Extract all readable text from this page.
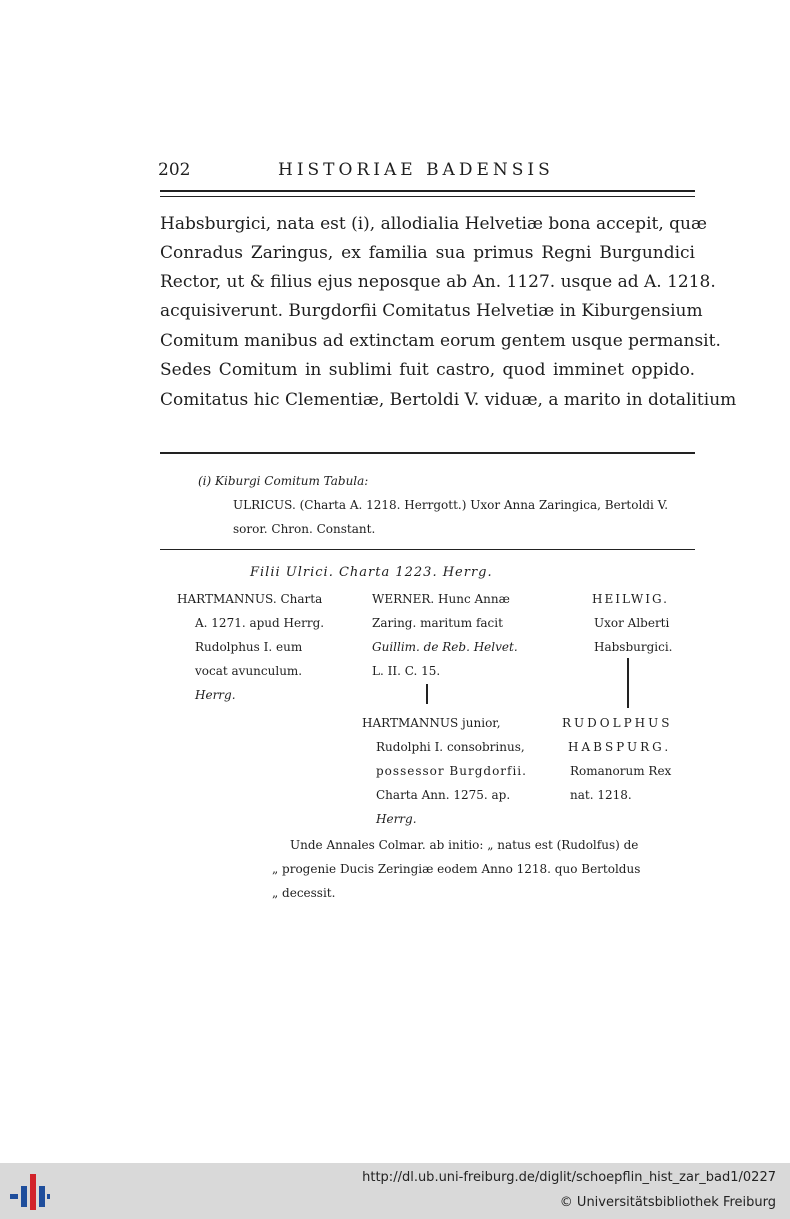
202	HISTORIAE BADENSIS
Habsburgici, nata est (i), allodialia Helvetiæ bona accepit, quæ
Conradus Zaringus, ex familia sua primus Regni Burgundici
Rector, ut & filius ejus neposque ab An. 1127. usque ad A. 1218.
acquisiverunt. Burgdorfii Comitatus Helvetiæ in Kiburgensium
Comitum manibus ad extinctam eorum gentem usque permansit.
Sedes Comitum in sublimi fuit castro, quod imminet oppido.
Comitatus hic Clementiæ, Bertoldi V. viduæ, a marito in dotalitium
(i) Kiburgi Comitum Tabula:
ULRICUS. (Charta A. 1218. Herrgott.) Uxor Anna Zaringica, Bertoldi V.
soror. Chron. Constant.
Filii Ulrici. Charta 1223. Herrg.
HARTMANNUS. Charta
A. 1271. apud Herrg.
Rudolphus I. eum
vocat avunculum.
Herrg.
WERNER. Hunc Annæ
Zaring. maritum facit
Guillim. de Reb. Helvet.
L. II. C. 15.
HEILWIG.
Uxor Alberti
Habsburgici.
HARTMANNUS junior,
Rudolphi I. consobrinus,
possessor Burgdorfii.
Charta Ann. 1275. ap.
Herrg.
RUDOLPHUS
HABSPURG.
Romanorum Rex
nat. 1218.
Unde Annales Colmar. ab initio: „ natus est (Rudolfus) de
„ progenie Ducis Zeringiæ eodem Anno 1218. quo Bertoldus
„ decessit.
http://dl.ub.uni-freiburg.de/diglit/schoepflin_hist_zar_bad1/0227
© Universitätsbibliothek Freiburg
